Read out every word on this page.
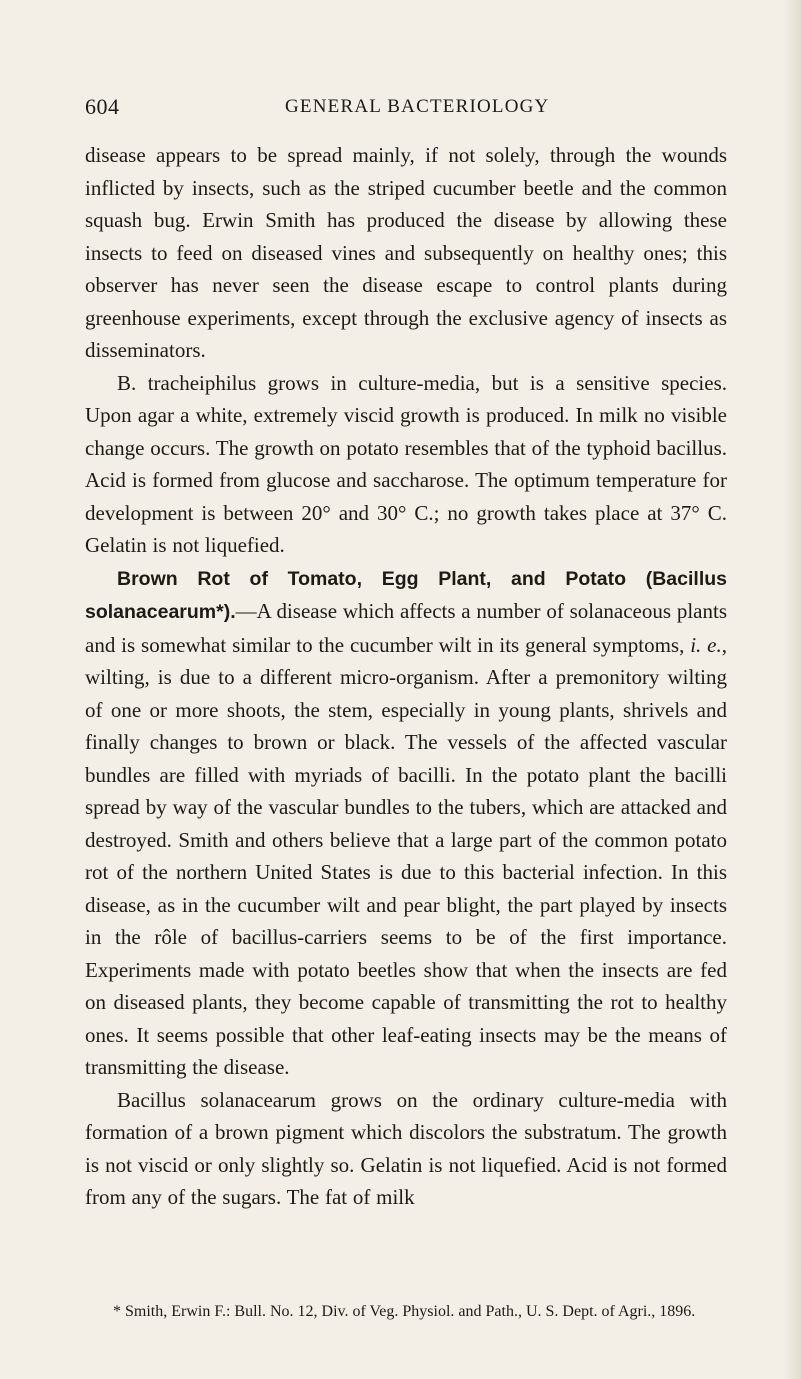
604	GENERAL BACTERIOLOGY

disease appears to be spread mainly, if not solely, through the wounds inflicted by insects, such as the striped cucumber beetle and the common squash bug. Erwin Smith has produced the disease by allowing these insects to feed on diseased vines and subsequently on healthy ones; this observer has never seen the disease escape to control plants during greenhouse experiments, except through the exclusive agency of insects as disseminators.

B. tracheiphilus grows in culture-media, but is a sensitive species. Upon agar a white, extremely viscid growth is produced. In milk no visible change occurs. The growth on potato resembles that of the typhoid bacillus. Acid is formed from glucose and saccharose. The optimum temperature for development is between 20° and 30° C.; no growth takes place at 37° C. Gelatin is not liquefied.

Brown Rot of Tomato, Egg Plant, and Potato (Bacillus solanacearum*).—A disease which affects a number of solanaceous plants and is somewhat similar to the cucumber wilt in its general symptoms, i. e., wilting, is due to a different micro-organism. After a premonitory wilting of one or more shoots, the stem, especially in young plants, shrivels and finally changes to brown or black. The vessels of the affected vascular bundles are filled with myriads of bacilli. In the potato plant the bacilli spread by way of the vascular bundles to the tubers, which are attacked and destroyed. Smith and others believe that a large part of the common potato rot of the northern United States is due to this bacterial infection. In this disease, as in the cucumber wilt and pear blight, the part played by insects in the rôle of bacillus-carriers seems to be of the first importance. Experiments made with potato beetles show that when the insects are fed on diseased plants, they become capable of transmitting the rot to healthy ones. It seems possible that other leaf-eating insects may be the means of transmitting the disease.

Bacillus solanacearum grows on the ordinary culture-media with formation of a brown pigment which discolors the substratum. The growth is not viscid or only slightly so. Gelatin is not liquefied. Acid is not formed from any of the sugars. The fat of milk

* Smith, Erwin F.: Bull. No. 12, Div. of Veg. Physiol. and Path., U. S. Dept. of Agri., 1896.
